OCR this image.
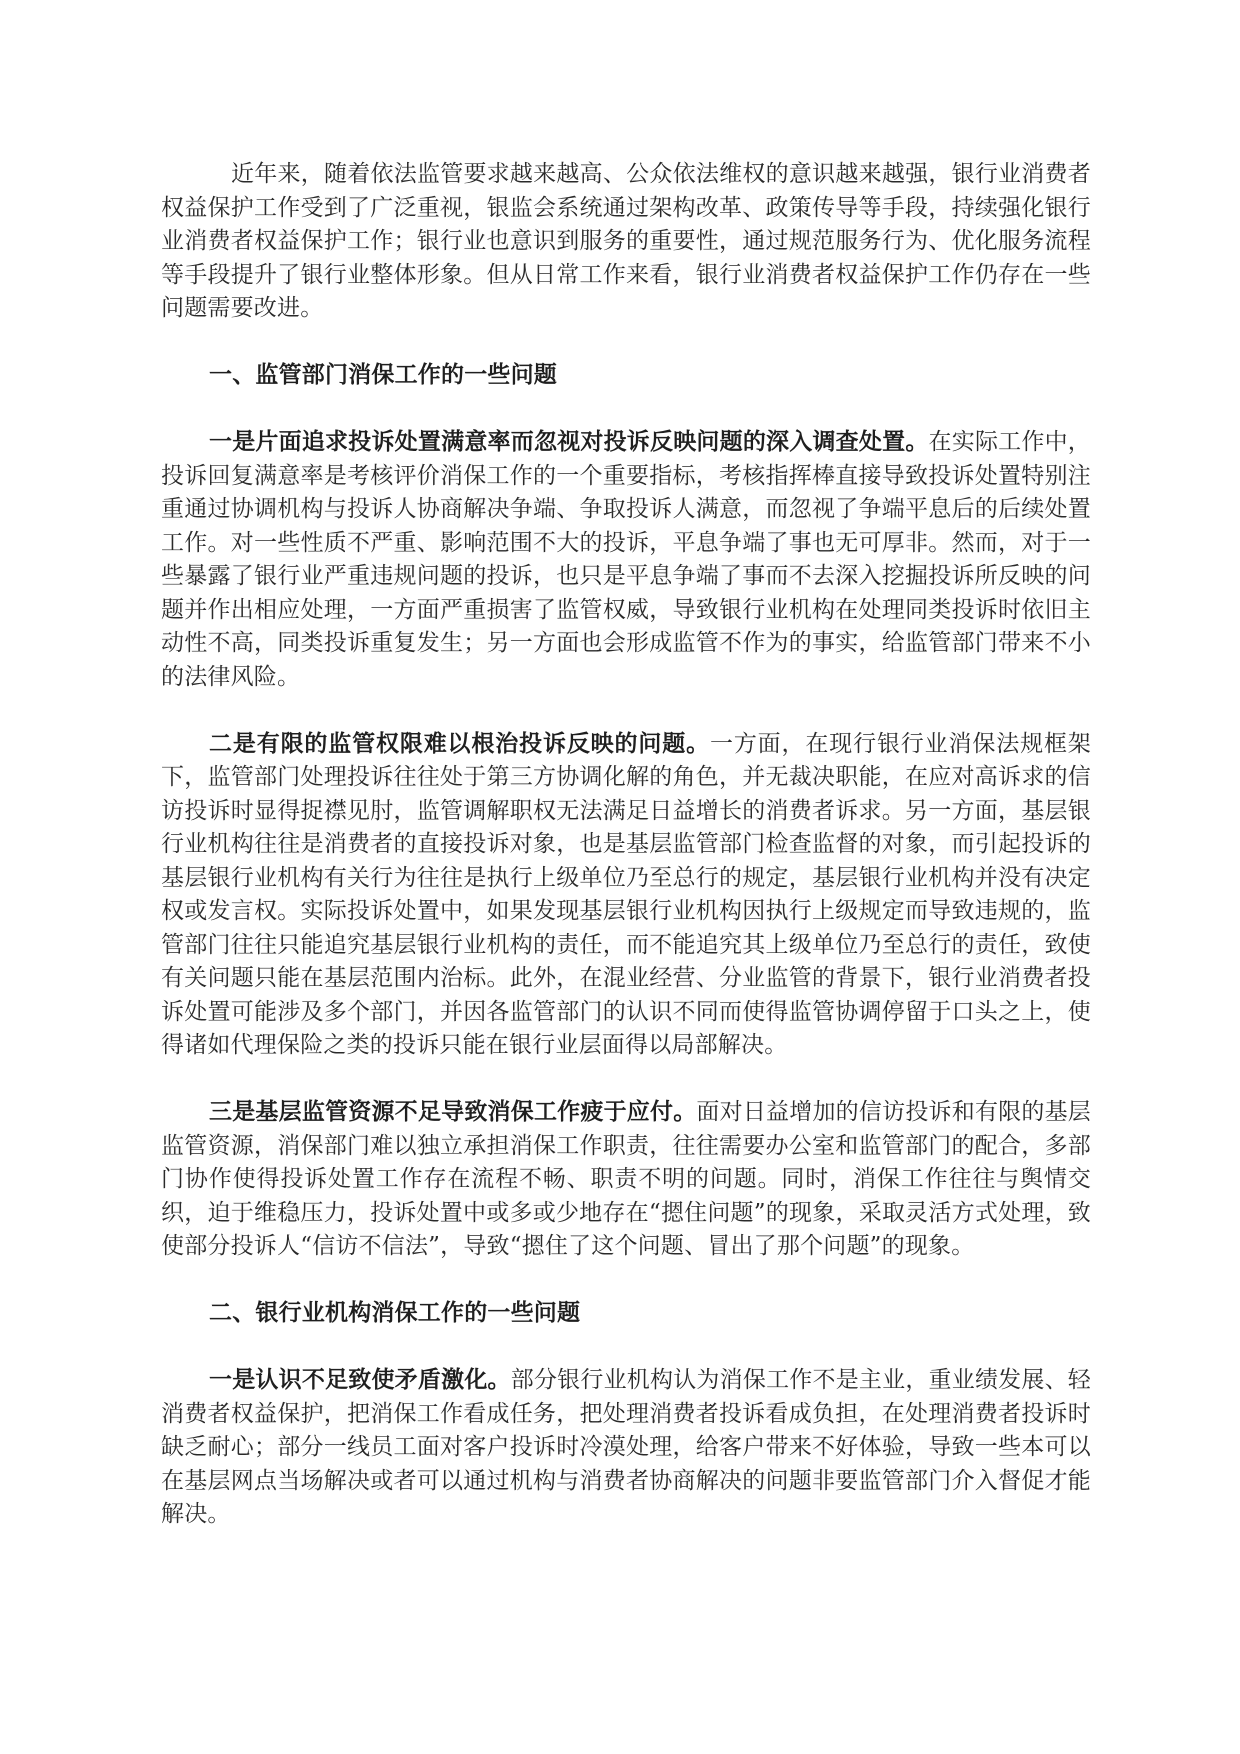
近年来，随着依法监管要求越来越高、公众依法维权的意识越来越强，银行业消费者权益保护工作受到了广泛重视，银监会系统通过架构改革、政策传导等手段，持续强化银行业消费者权益保护工作；银行业也意识到服务的重要性，通过规范服务行为、优化服务流程等手段提升了银行业整体形象。但从日常工作来看，银行业消费者权益保护工作仍存在一些问题需要改进。

一、监管部门消保工作的一些问题

一是片面追求投诉处置满意率而忽视对投诉反映问题的深入调查处置。在实际工作中，投诉回复满意率是考核评价消保工作的一个重要指标，考核指挥棒直接导致投诉处置特别注重通过协调机构与投诉人协商解决争端、争取投诉人满意，而忽视了争端平息后的后续处置工作。对一些性质不严重、影响范围不大的投诉，平息争端了事也无可厚非。然而，对于一些暴露了银行业严重违规问题的投诉，也只是平息争端了事而不去深入挖掘投诉所反映的问题并作出相应处理，一方面严重损害了监管权威，导致银行业机构在处理同类投诉时依旧主动性不高，同类投诉重复发生；另一方面也会形成监管不作为的事实，给监管部门带来不小的法律风险。

二是有限的监管权限难以根治投诉反映的问题。一方面，在现行银行业消保法规框架下，监管部门处理投诉往往处于第三方协调化解的角色，并无裁决职能，在应对高诉求的信访投诉时显得捉襟见肘，监管调解职权无法满足日益增长的消费者诉求。另一方面，基层银行业机构往往是消费者的直接投诉对象，也是基层监管部门检查监督的对象，而引起投诉的基层银行业机构有关行为往往是执行上级单位乃至总行的规定，基层银行业机构并没有决定权或发言权。实际投诉处置中，如果发现基层银行业机构因执行上级规定而导致违规的，监管部门往往只能追究基层银行业机构的责任，而不能追究其上级单位乃至总行的责任，致使有关问题只能在基层范围内治标。此外，在混业经营、分业监管的背景下，银行业消费者投诉处置可能涉及多个部门，并因各监管部门的认识不同而使得监管协调停留于口头之上，使得诸如代理保险之类的投诉只能在银行业层面得以局部解决。

三是基层监管资源不足导致消保工作疲于应付。面对日益增加的信访投诉和有限的基层监管资源，消保部门难以独立承担消保工作职责，往往需要办公室和监管部门的配合，多部门协作使得投诉处置工作存在流程不畅、职责不明的问题。同时，消保工作往往与舆情交织，迫于维稳压力，投诉处置中或多或少地存在“摁住问题”的现象，采取灵活方式处理，致使部分投诉人“信访不信法”，导致“摁住了这个问题、冒出了那个问题”的现象。

二、银行业机构消保工作的一些问题

一是认识不足致使矛盾激化。部分银行业机构认为消保工作不是主业，重业绩发展、轻消费者权益保护，把消保工作看成任务，把处理消费者投诉看成负担，在处理消费者投诉时缺乏耐心；部分一线员工面对客户投诉时冷漠处理，给客户带来不好体验，导致一些本可以在基层网点当场解决或者可以通过机构与消费者协商解决的问题非要监管部门介入督促才能解决。
